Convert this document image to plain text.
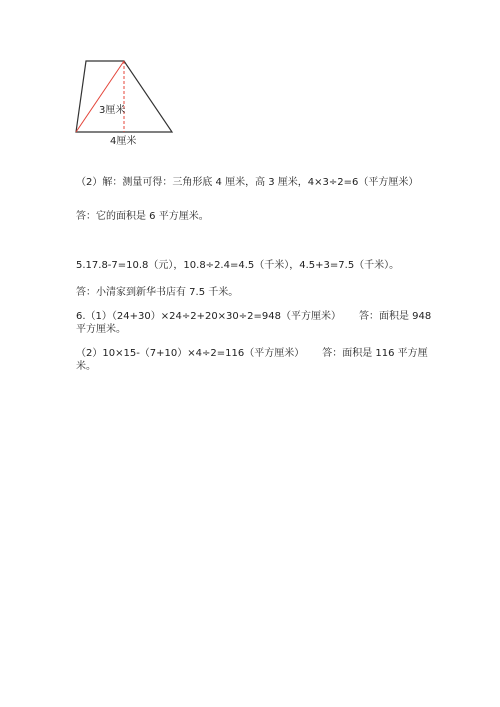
3厘米
4厘米
（2）解：测量可得：三角形底 4 厘米，高 3 厘米，4×3÷2=6（平方厘米）
答：它的面积是 6 平方厘米。
5.17.8-7=10.8（元），10.8÷2.4=4.5（千米），4.5+3=7.5（千米）。
答：小清家到新华书店有 7.5 千米。
6.（1）（24+30）×24÷2+20×30÷2=948（平方厘米） 答：面积是 948 平方厘米。
（2）10×15-（7+10）×4÷2=116（平方厘米） 答：面积是 116 平方厘米。
